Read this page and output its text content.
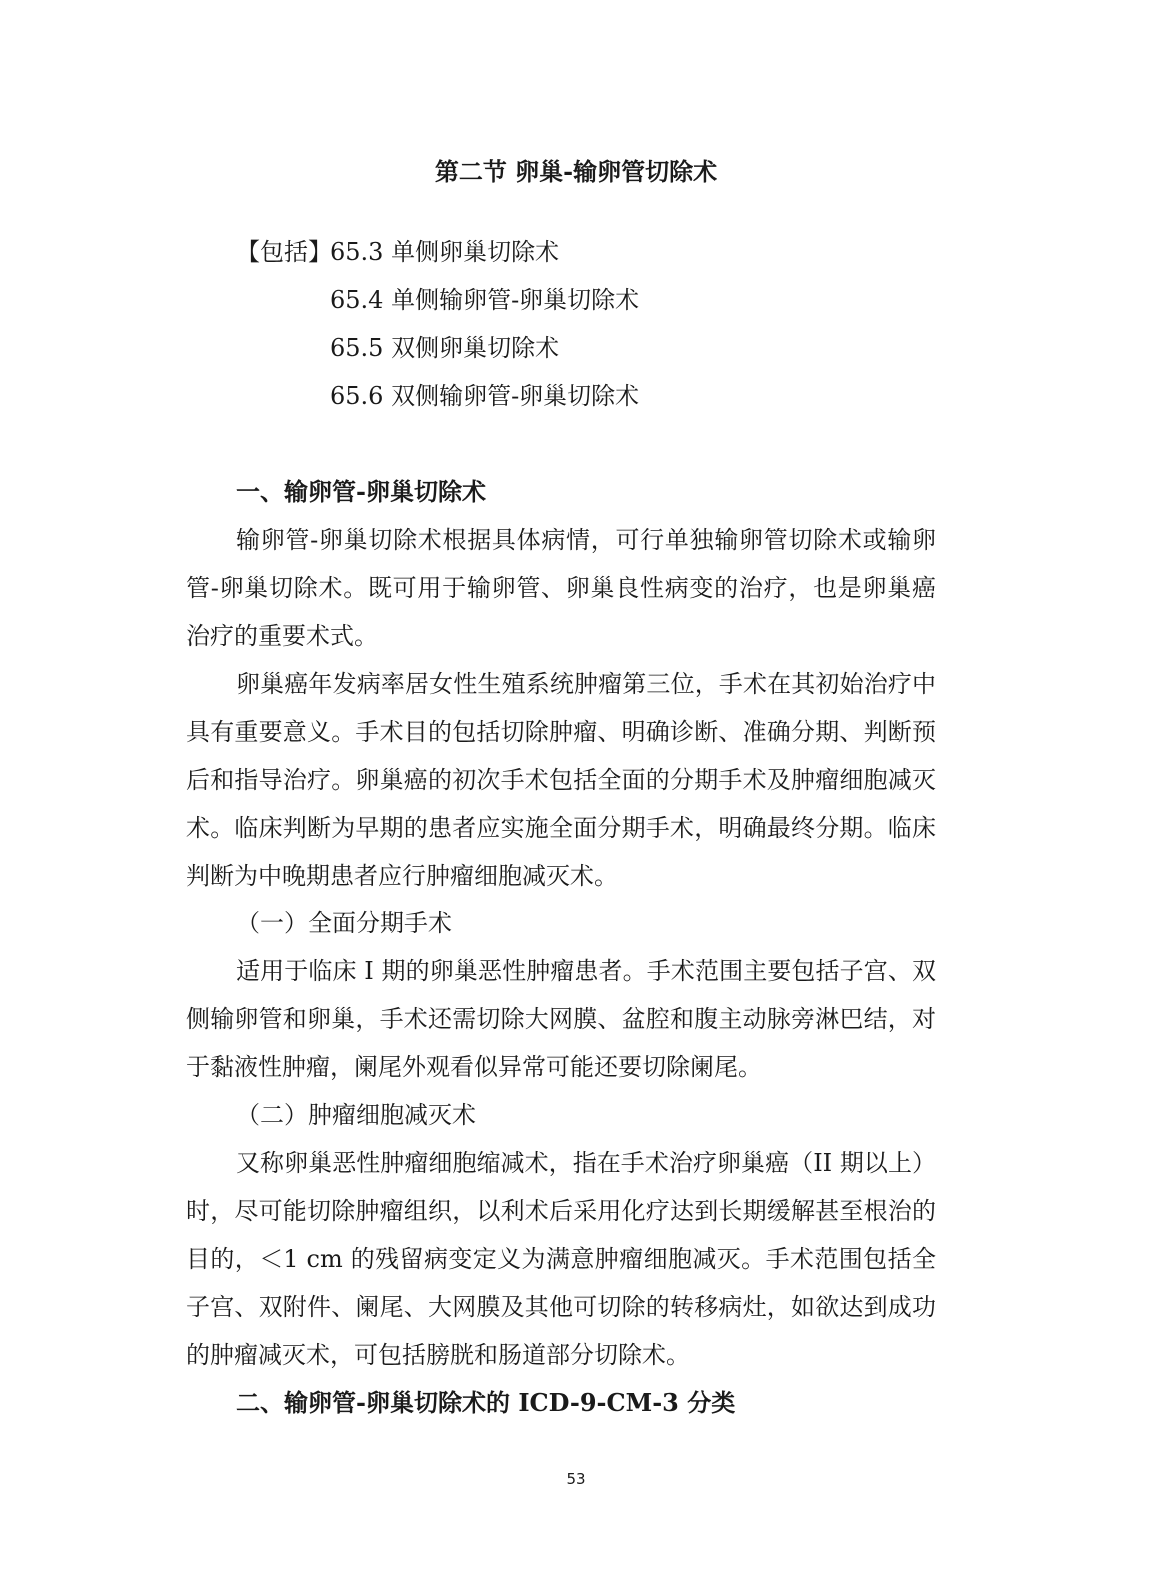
第二节 卵巢-输卵管切除术
【包括】
65.3 单侧卵巢切除术
65.4 单侧输卵管-卵巢切除术
65.5 双侧卵巢切除术
65.6 双侧输卵管-卵巢切除术
一、输卵管-卵巢切除术
输卵管-卵巢切除术根据具体病情，可行单独输卵管切除术或输卵
管-卵巢切除术。既可用于输卵管、卵巢良性病变的治疗，也是卵巢癌
治疗的重要术式。
卵巢癌年发病率居女性生殖系统肿瘤第三位，手术在其初始治疗中
具有重要意义。手术目的包括切除肿瘤、明确诊断、准确分期、判断预
后和指导治疗。卵巢癌的初次手术包括全面的分期手术及肿瘤细胞减灭
术。临床判断为早期的患者应实施全面分期手术，明确最终分期。临床
判断为中晚期患者应行肿瘤细胞减灭术。
（一）全面分期手术
适用于临床 I 期的卵巢恶性肿瘤患者。手术范围主要包括子宫、双
侧输卵管和卵巢，手术还需切除大网膜、盆腔和腹主动脉旁淋巴结，对
于黏液性肿瘤，阑尾外观看似异常可能还要切除阑尾。
（二）肿瘤细胞减灭术
又称卵巢恶性肿瘤细胞缩减术，指在手术治疗卵巢癌（II 期以上）
时，尽可能切除肿瘤组织，以利术后采用化疗达到长期缓解甚至根治的
目的，＜1 cm 的残留病变定义为满意肿瘤细胞减灭。手术范围包括全
子宫、双附件、阑尾、大网膜及其他可切除的转移病灶，如欲达到成功
的肿瘤减灭术，可包括膀胱和肠道部分切除术。
二、输卵管-卵巢切除术的 ICD-9-CM-3 分类
53
